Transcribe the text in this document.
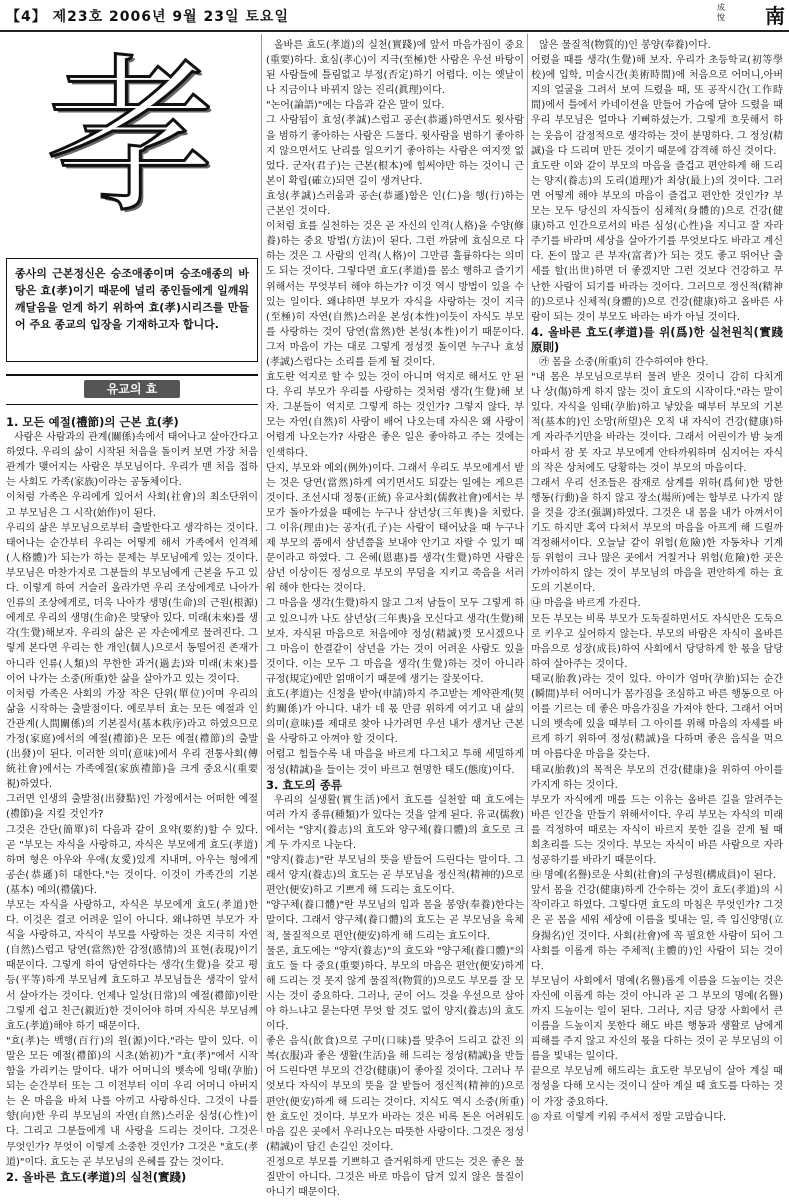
【4】 제23호 2006년 9월 23일 토요일
成悅 南
孝
종사의 근본정신은 승조애종이며 승조애종의 바탕은 효(孝)이기 때문에 널리 종인들에게 일깨워 깨달음을 얻게 하기 위하여 효(孝)시리즈를 만들어 주요 종교의 입장을 기재하고자 합니다.
유교의 효

1. 모든 예절(禮節)의 근본 효(孝)

사람은 사람과의 관계(關係)속에서 태어나고 살아간다고 하였다. 우리의 삶이 시작된 처음을 돌이켜 보면 가장 처음 관계가 맺어지는 사람은 부모님이다. 우리가 맨 처음 접하는 사회도 가족(家族)이라는 공동체이다.
이처럼 가족은 우리에게 있어서 사회(社會)의 최소단위이고 부모님은 그 시작(始作)이 된다.
우리의 삶은 부모님으로부터 출발한다고 생각하는 것이다. 태어나는 순간부터 우리는 어떻게 해서 가족에서 인격체(人格體)가 되는가 하는 문제는 부모님에게 있는 것이다. 부모님은 마찬가지로 그분들의 부모님에게 근본을 두고 있다. 이렇게 하여 거슬러 올라가면 우리 조상에게로 나아가 인류의 조상에게로, 더욱 나아가 생명(生命)의 근원(根源)에게로 우리의 생명(生命)은 맞닿아 있다. 미래(未來)를 생각(生覺)해보자. 우리의 삶은 곧 자손에게로 물려진다. 그렇게 본다면 우리는 한 개인(個人)으로서 동떨어진 존재가 아니라 인류(人類)의 무한한 과거(過去)와 미래(未來)를 이어 나가는 소중(所重)한 삶을 살아가고 있는 것이다.
이처럼 가족은 사회의 가장 작은 단위(單位)이며 우리의 삶을 시작하는 출발점이다. 예로부터 효는 모든 예절과 인간관계(人間關係)의 기본질서(基本秩序)라고 하였으므로 가정(家庭)에서의 예절(禮節)은 모든 예절(禮節)의 출발(出發)이 된다. 이러한 의미(意味)에서 우리 전통사회(傳統社會)에서는 가족예절(家族禮節)을 크게 중요시(重要視)하였다.
그러면 인생의 출발점(出發點)인 가정에서는 어떠한 예절(禮節)을 지킬 것인가?
그것은 간단(簡單)히 다음과 같이 요약(要約)할 수 있다. 곧 "부모는 자식을 사랑하고, 자식은 부모에게 효도(孝道)하며 형은 아우와 우애(友愛)있게 지내며, 아우는 형에게 공손(恭遜)히 대한다."는 것이다. 이것이 가족간의 기본(基本) 예의(禮儀)다.
부모는 자식을 사랑하고, 자식은 부모에게 효도(孝道)한다. 이것은 결코 어려운 일이 아니다. 왜냐하면 부모가 자식을 사랑하고, 자식이 부모를 사랑하는 것은 지극히 자연(自然)스럽고 당연(當然)한 감정(感情)의 표현(表現)이기 때문이다. 그렇게 하여 당연하다는 생각(生覺)을 갖고 평등(平等)하게 부모님께 효도하고 부모님들은 생각이 앞서서 살아가는 것이다. 언제나 일상(日常)의 예절(禮節)이란 그렇게 쉽고 친근(親近)한 것이어야 하며 자식은 부모님께 효도(孝道)해야 하기 때문이다.
"효(孝)는 백행(百行)의 원(源)이다."라는 말이 있다. 이 말은 모든 예절(禮節)의 시초(始初)가 "효(孝)"에서 시작함을 가리키는 말이다. 내가 어머니의 뱃속에 잉태(孕胎)되는 순간부터 또는 그 이전부터 이미 우리 어머니 아버지는 온 마음을 바쳐 나를 아끼고 사랑하신다. 그것이 나를 향(向)한 우리 부모님의 자연(自然)스러운 심성(心性)이다. 그리고 그분들에게 내 사랑을 드리는 것이다. 그것은 무엇인가? 무엇이 이렇게 소중한 것인가? 그것은 "효도(孝道)"이다. 효도는 곧 부모님의 은혜를 갚는 것이다.

2. 올바른 효도(孝道)의 실천(實踐)

올바른 효도(孝道)의 실천(實踐)에 앞서 마음가짐이 중요(重要)하다. 효심(孝心)이 지극(至極)한 사람은 우선 바탕이 된 사람들에 틀림없고 부정(否定)하기 어렵다. 이는 옛날이나 지금이나 바뀌지 않는 진리(眞理)이다.
"논어(論語)"에는 다음과 같은 말이 있다.
그 사람됨이 효성(孝誠)스럽고 공손(恭遜)하면서도 윗사람을 범하기 좋아하는 사람은 드물다. 윗사람을 범하기 좋아하지 않으면서도 난리를 일으키기 좋아하는 사람은 여지껏 없었다. 군자(君子)는 근본(根本)에 힘써야만 하는 것이니 근본이 확립(確立)되면 길이 생겨난다.
효성(孝誠)스러움과 공손(恭遜)함은 인(仁)을 행(行)하는 근본인 것이다.
이처럼 효를 실천하는 것은 곧 자신의 인격(人格)을 수양(修養)하는 중요 방법(方法)이 된다. 그런 까닭에 효심으로 다하는 것은 그 사람의 인격(人格)이 그만큼 훌륭하다는 의미도 되는 것이다. 그렇다면 효도(孝道)를 몸소 행하고 즐기기 위해서는 무엇부터 해야 하는가? 이것 역시 방법이 있을 수 있는 일이다. 왜냐하면 부모가 자식을 사랑하는 것이 지극(至極)히 자연(自然)스러운 본성(本性)이듯이 자식도 부모를 사랑하는 것이 당연(當然)한 본성(本性)이기 때문이다. 그저 마음이 가는 대로 그렇게 정성껏 돌이면 누구나 효성(孝誠)스럽다는 소리를 듣게 될 것이다.
효도란 억지로 할 수 있는 것이 아니며 억지로 해서도 안 된다. 우리 부모가 우리를 사랑하는 것처럼 생각(生覺)해 보자. 그분들이 억지로 그렇게 하는 것인가? 그렇지 않다. 부모는 자연(自然)히 사랑이 배어 나오는데 자식은 왜 사랑이 어렵게 나오는가? 사람은 좋은 일은 좋아하고 주는 것에는 인색하다.
단지, 부모와 예외(例外)이다. 그래서 우리도 부모에게서 받는 것은 당연(當然)하게 여기면서도 되갚는 일에는 게으른 것이다. 조선시대 정통(正統) 유교사회(儒敎社會)에서는 부모가 돌아가셨을 때에는 누구나 삼년상(三年喪)을 치렀다. 그 이유(理由)는 공자(孔子)는 사람이 태어났을 때 누구나 제 부모의 품에서 삼년쯤을 보내야 안기고 자랄 수 있기 때문이라고 하였다. 그 은혜(恩惠)를 생각(生覺)하면 사람은 삼년 이상이든 정성으로 부모의 무덤을 지키고 죽음을 서러워 해야 한다는 것이다.
그 마음을 생각(生覺)하지 않고 그저 남들이 모두 그렇게 하고 있으니까 나도 삼년상(三年喪)을 모신다고 생각(生覺)해 보자. 자식된 마음으로 처음에야 정성(精誠)껏 모시겠으나 그 마음이 한결같이 삼년을 가는 것이 어려운 사람도 있을 것이다. 이는 모두 그 마음을 생각(生覺)하는 것이 아니라 규정(規定)에만 얽매이기 때문에 생기는 잘못이다.
효도(孝道)는 신청을 받아(申請)하지 주고받는 계약관계(契約關係)가 아니다. 내가 네 몫 만큼 위하게 여기고 내 삶의 의미(意味)를 제대로 찾아 나가려면 우선 내가 생겨난 근본을 사랑하고 아껴야 할 것이다.
어렵고 힘들수록 내 마음을 바르게 다그치고 투해 세밀하게 정성(精誠)을 들이는 것이 바르고 현명한 태도(態度)이다.

3. 효도의 종류

우리의 실생활(實生活)에서 효도를 실천할 때 효도에는 여러 가지 종류(種類)가 있다는 것을 알게 된다. 유교(儒敎)에서는 "양지(養志)의 효도와 양구체(養口體)의 효도로 크게 두 가지로 나눈다.
"양지(養志)"란 부모님의 뜻을 받들어 드린다는 말이다. 그래서 양지(養志)의 효도는 곧 부모님을 정신적(精神的)으로 편안(便安)하고 기쁘게 해 드리는 효도이다.
"양구체(養口體)"란 부모님의 입과 몸을 봉양(奉養)한다는 말이다. 그래서 양구체(養口體)의 효도는 곧 부모님을 육체적, 물질적으로 편안(便安)하게 해 드리는 효도이다.
물론, 효도에는 "양지(養志)"의 효도와 "양구체(養口體)"의 효도 둘 다 중요(重要)하다. 부모의 마음은 편안(便安)하게 해 드리는 것 못지 않게 물질적(物質的)으로도 부모를 잘 모시는 것이 중요하다. 그러나, 굳이 어느 것을 우선으로 삼아야 하느냐고 묻는다면 무엇 할 것도 없이 양지(養志)의 효도이다.
좋은 음식(飮食)으로 구미(口味)를 맞추어 드리고 값진 의복(衣服)과 좋은 생활(生活)을 해 드리는 정성(精誠)을 반들어 드린다면 부모의 건강(健康)이 좋아질 것이다. 그러나 무엇보다 자식이 부모의 뜻을 잘 받들어 정신적(精神的)으로 편안(便安)하게 해 드리는 것이다. 지식도 역시 소중(所重)한 효도인 것이다. 부모가 바라는 것은 비록 돈은 어려워도 마음 깊은 곳에서 우러나오는 따뜻한 사랑이다. 그것은 정성(精誠)이 담긴 손길인 것이다.
진정으로 부모를 기쁘하고 즐거워하게 만드는 것은 좋은 물질만이 아니다. 그것은 바로 마음이 담겨 있지 않은 물질이 아니기 때문이다.

않은 물질적(物質的)인 봉양(奉養)이다.
어렸을 때를 생각(生覺)해 보자. 우리가 초등학교(初等學校)에 입학, 미술시간(美術時間)에 처음으로 어머니,아버지의 얼굴을 그려서 보여 드렸을 때, 또 공작시간(工作時間)에서 틀에서 카네이션을 만들어 가슴에 달아 드렸을 때 우리 부모님은 얼마나 기뻐하셨는가. 그렇게 흐뭇해서 하는 웃음이 감정적으로 생각하는 것이 분명하다. 그 정성(精誠)을 다 드리며 만든 것이기 때문에 감격해 하신 것이다.
효도란 이와 같이 부모의 마음을 즐겁고 편안하게 해 드리는 양지(養志)의 도리(道理)가 최상(最上)의 것이다. 그러면 어떻게 해야 부모의 마음이 즐겁고 편안한 것인가? 부모는 모두 당신의 자식들이 심체적(身體的)으로 건강(健康)하고 인간으로서의 바른 심성(心性)을 지니고 잘 자라주기를 바라며 세상을 살아가기를 무엇보다도 바라고 계신다. 돈이 많고 큰 부자(富者)가 되는 것도 좋고 뛰어난 출세를 할(出世)하면 더 좋겠지만 그런 것보다 건강하고 무난한 사람이 되기를 바라는 것이다. 그러므로 정신적(精神的)으로나 신체적(身體的)으로 건강(健康)하고 올바른 사람이 되는 것이 부모도 바라는 바가 아닐 것이다.

4. 올바른 효도(孝道)를 위(爲)한 실천원칙(實踐原則)

㉮ 몸을 소중(所重)히 간수하여야 한다.
"내 몸은 부모님으로부터 물려 받은 것이니 감히 다치게 나 상(傷)하게 하지 않는 것이 효도의 시작이다."라는 말이 있다. 자식을 임태(孕胎)하고 낳았을 때부터 부모의 기본적(基本的)인 소망(所望)은 오직 내 자식이 건강(健康)하게 자라주기만을 바라는 것이다. 그래서 어린이가 밤 늦게 아파서 잠 못 자고 부모에게 안타까워하며 심지어는 자식의 작은 상처에도 당황하는 것이 부모의 마음이다.
그래서 우리 선조들은 잠재로 삼계를 위하(爲何)한 망한 행동(行動)을 하지 않고 장소(場所)에는 함부로 나가지 않을 것을 강조(强調)하였다. 그것은 내 몸을 내가 아껴서이기도 하지만 혹여 다쳐서 부모의 마음을 아프게 해 드릴까 걱정해서이다. 오늘날 같이 위험(危險)한 자동차나 기계 등 위험이 크나 많은 곳에서 거칠거나 위험(危險)한 곳은 가까이하지 않는 것이 부모님의 마음을 편안하게 하는 효도의 기본이다.
㉯ 마음을 바르게 가진다.
모든 부모는 비록 부모가 도둑질하면서도 자식만은 도둑으로 키우고 싶어하지 않는다. 부모의 바람은 자식이 올바른 마음으로 성장(成長)하여 사회에서 당당하게 한 몫을 담당하여 살아주는 것이다.
태교(胎敎)라는 것이 있다. 아이가 엄마(孕胎)되는 순간(瞬間)부터 어머니가 몸가짐을 조심하고 바른 행동으로 아이를 기르는 데 좋은 마음가짐을 가져야 한다. 그래서 어머니의 뱃속에 있을 때부터 그 아이를 위해 마음의 자세를 바르게 하기 위하여 정성(精誠)을 다하며 좋은 음식을 먹으며 아름다운 마음을 갖는다.
태교(胎敎)의 목적은 부모의 건강(健康)을 위하여 아이를 가지게 하는 것이다.
부모가 자식에게 매를 드는 이유는 올바른 길을 알려주는 바른 인간을 만들기 위해서이다. 우리 부모는 자식의 미래를 걱정하여 때로는 자식이 바르지 못한 길을 걷게 될 때 회초리를 드는 것이다. 부모는 자식이 바른 사람으로 자라 성공하기를 바라기 때문이다.
㉰ 명예(名譽)로운 사회(社會)의 구성원(構成員)이 된다.
앞서 몸을 건강(健康)하게 간수하는 것이 효도(孝道)의 시작이라고 하였다. 그렇다면 효도의 마침은 무엇인가? 그것은 곧 몸을 세워 세상에 이름을 빛내는 일, 즉 입신양명(立身揚名)인 것이다. 사회(社會)에 꼭 필요한 사람이 되어 그 사회를 이롭게 하는 주체적(主體的)인 사람이 되는 것이다.
부모님이 사회에서 명예(名譽)롭게 이름을 드높이는 것은 자신에 이롭게 하는 것이 아니라 곧 그 부모의 명예(名譽)까지 드높이는 일이 된다. 그러나, 지금 당장 사회에서 큰 이름을 드높이지 못한다 해도 바른 행동과 생활로 남에게 피해를 주지 않고 자신의 몫을 다하는 것이 곧 부모님의 이름을 빛내는 일이다.
끝으로 부모님께 해드리는 효도란 부모님이 살아 계실 때 정성을 다해 모시는 것이니 살아 계실 때 효도를 다하는 것이 가장 중요하다.
◎ 자료 이렇게 키워 주셔서 정말 고맙습니다.
